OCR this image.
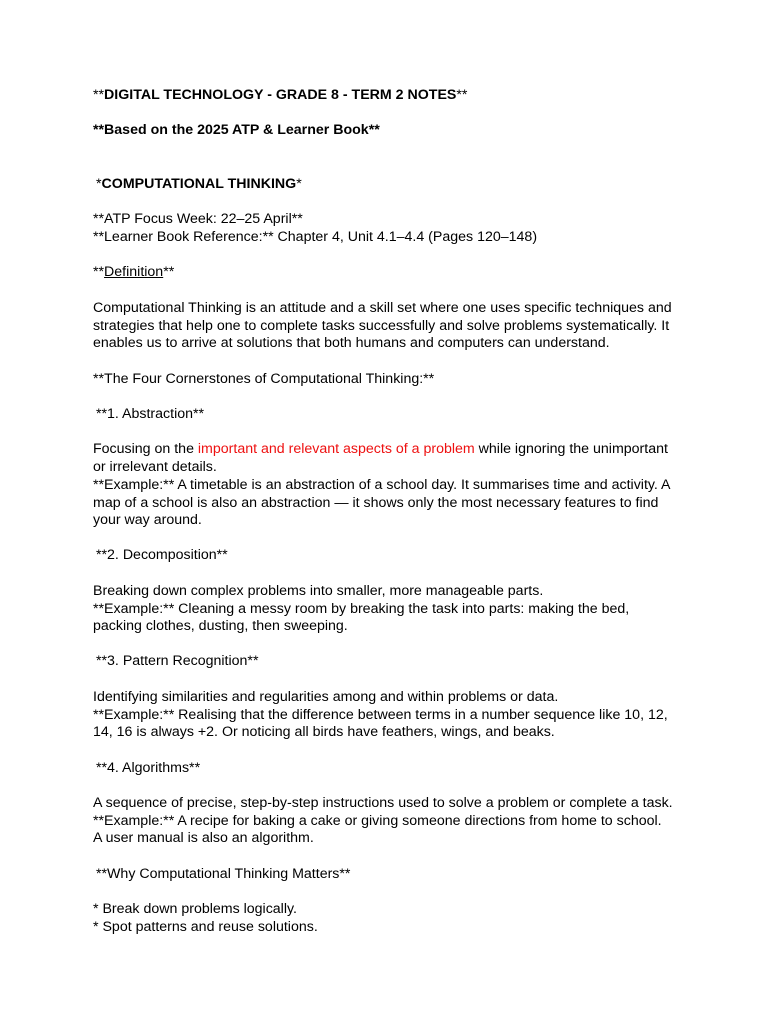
**DIGITAL TECHNOLOGY - GRADE 8 - TERM 2 NOTES**
**Based on the 2025 ATP & Learner Book**
*COMPUTATIONAL THINKING*
**ATP Focus Week: 22–25 April**
**Learner Book Reference:** Chapter 4, Unit 4.1–4.4 (Pages 120–148)
**Definition**
Computational Thinking is an attitude and a skill set where one uses specific techniques and
strategies that help one to complete tasks successfully and solve problems systematically. It
enables us to arrive at solutions that both humans and computers can understand.
**The Four Cornerstones of Computational Thinking:**
**1. Abstraction**
Focusing on the important and relevant aspects of a problem while ignoring the unimportant
or irrelevant details.
**Example:** A timetable is an abstraction of a school day. It summarises time and activity. A
map of a school is also an abstraction — it shows only the most necessary features to find
your way around.
**2. Decomposition**
Breaking down complex problems into smaller, more manageable parts.
**Example:** Cleaning a messy room by breaking the task into parts: making the bed,
packing clothes, dusting, then sweeping.
**3. Pattern Recognition**
Identifying similarities and regularities among and within problems or data.
**Example:** Realising that the difference between terms in a number sequence like 10, 12,
14, 16 is always +2. Or noticing all birds have feathers, wings, and beaks.
**4. Algorithms**
A sequence of precise, step-by-step instructions used to solve a problem or complete a task.
**Example:** A recipe for baking a cake or giving someone directions from home to school.
A user manual is also an algorithm.
**Why Computational Thinking Matters**
* Break down problems logically.
* Spot patterns and reuse solutions.
